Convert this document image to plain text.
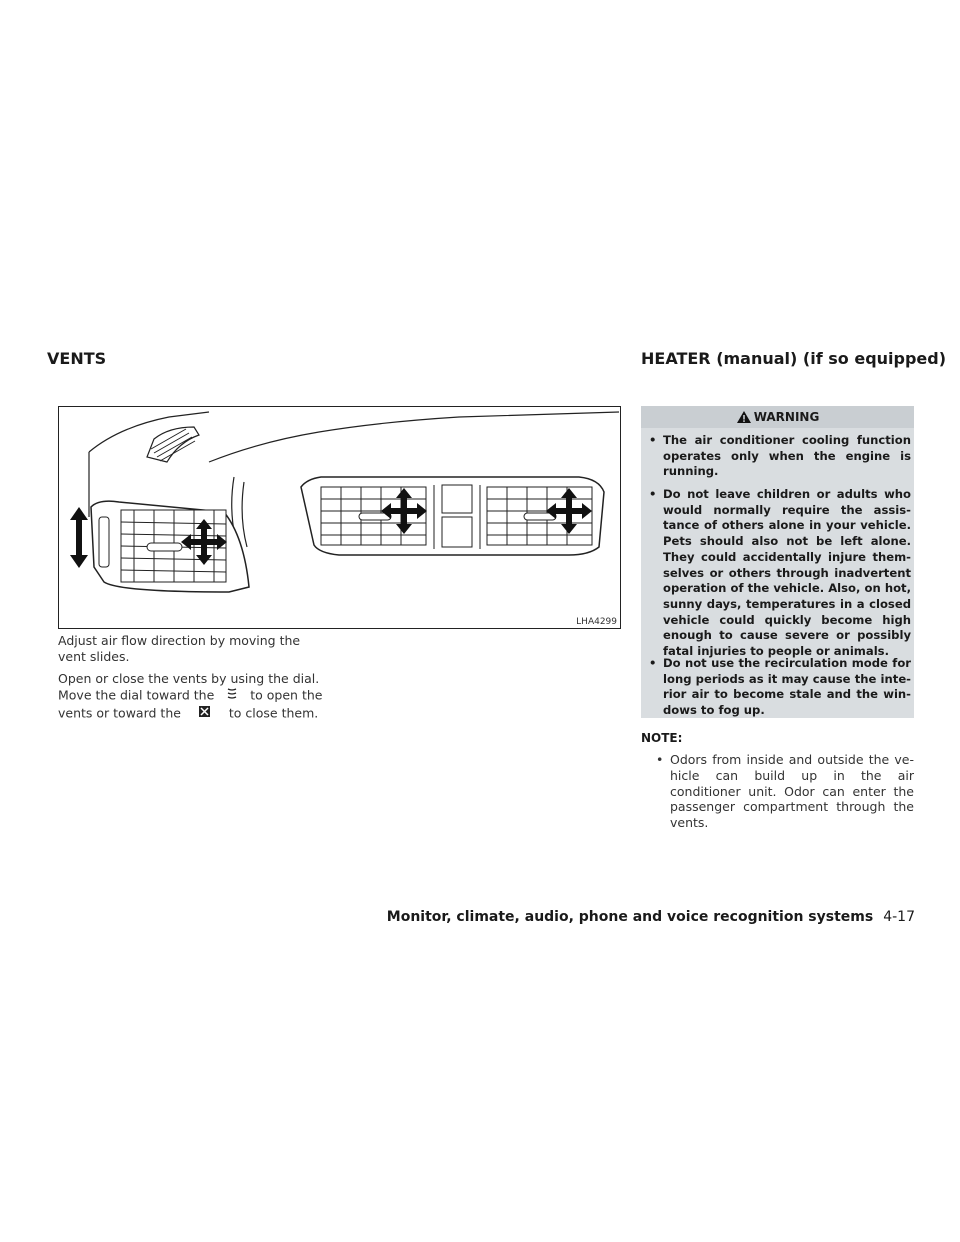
VENTS	HEATER (manual) (if so equipped)
LHA4299
Adjust air flow direction by moving the vent slides.
Open or close the vents by using the dial. Move the dial toward the	to open the vents or toward the	to close them.
WARNING
• The air conditioner cooling function operates only when the engine is running.
• Do not leave children or adults who would normally require the assis-tance of others alone in your vehicle. Pets should also not be left alone. They could accidentally injure them-selves or others through inadvertent operation of the vehicle. Also, on hot, sunny days, temperatures in a closed vehicle could quickly become high enough to cause severe or possibly fatal injuries to people or animals.
• Do not use the recirculation mode for long periods as it may cause the inte-rior air to become stale and the win-dows to fog up.
NOTE:
• Odors from inside and outside the ve-hicle can build up in the air conditioner unit. Odor can enter the passenger compartment through the vents.
Monitor, climate, audio, phone and voice recognition systems 4-17
